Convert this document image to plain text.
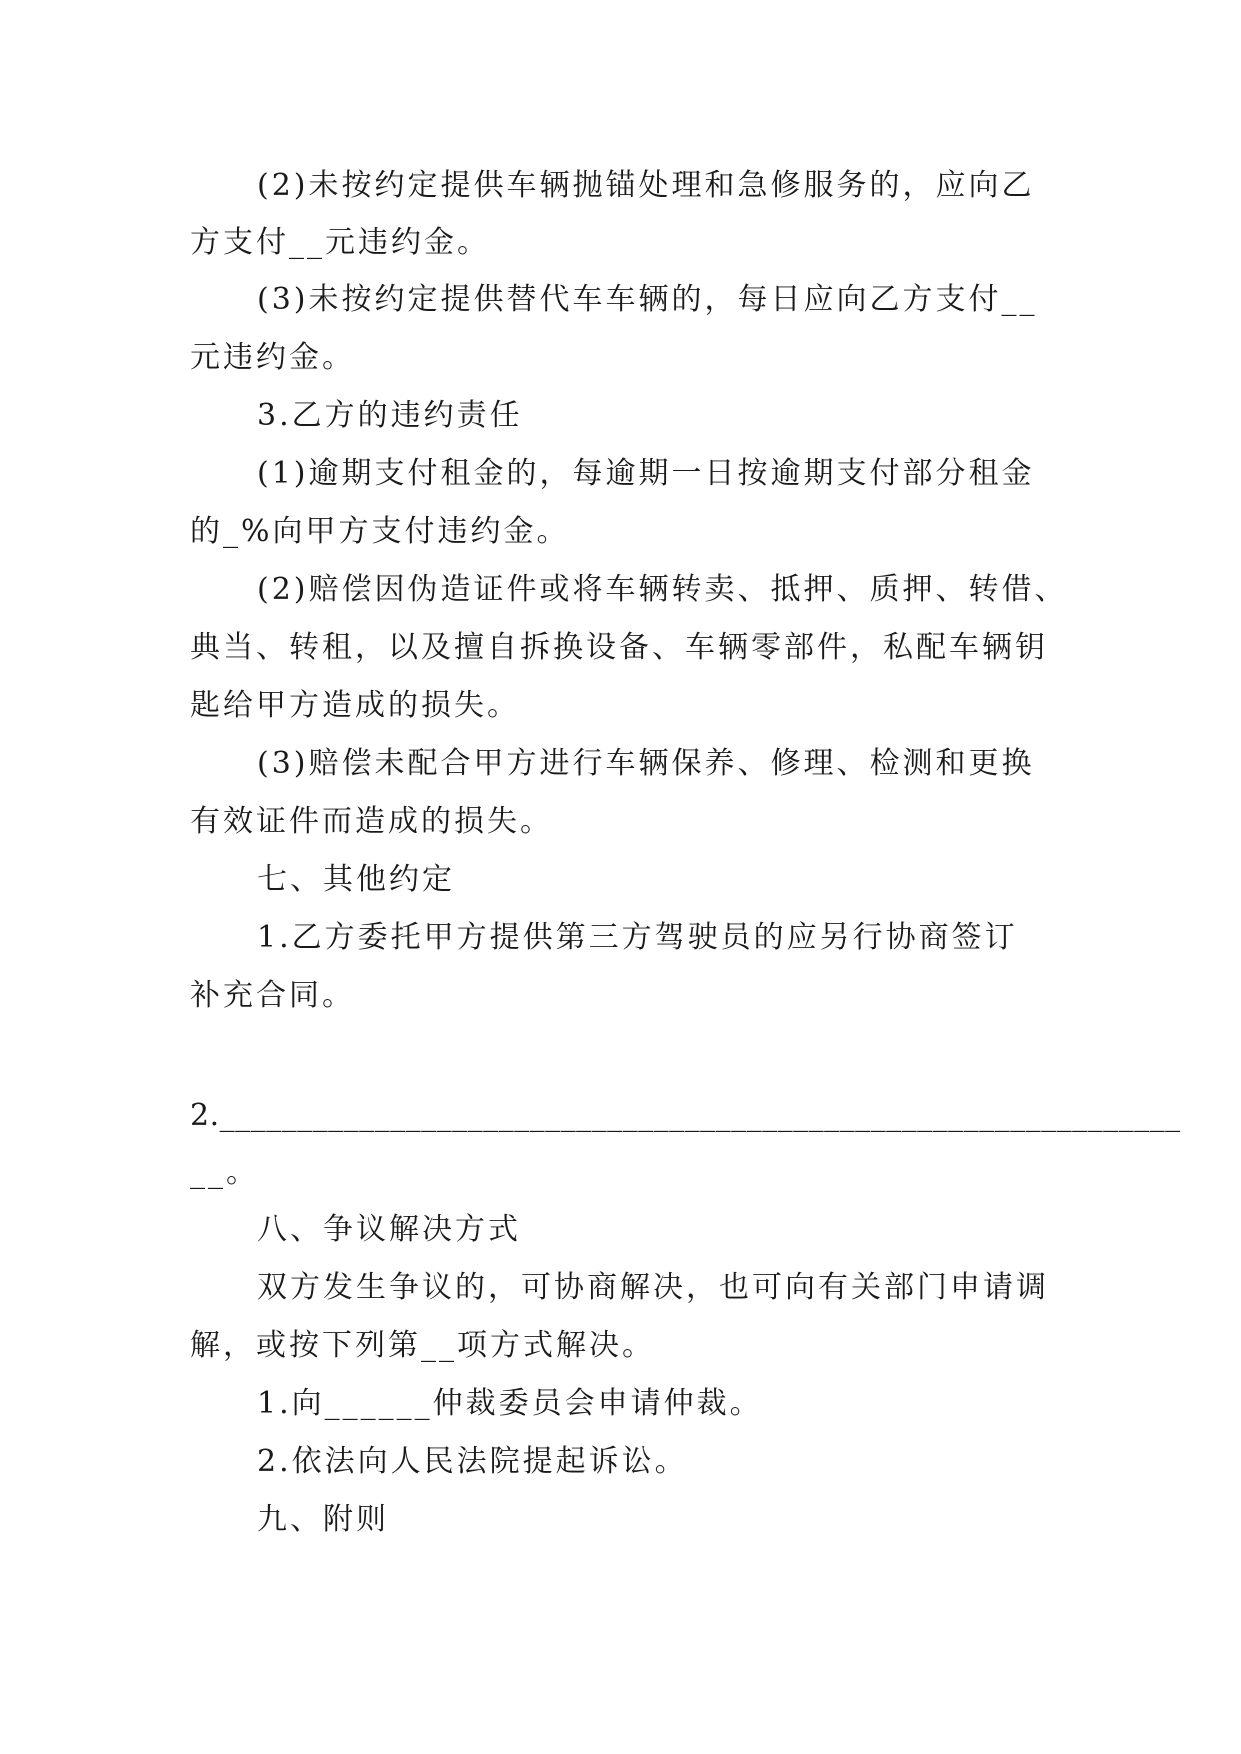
(2)未按约定提供车辆抛锚处理和急修服务的，应向乙
方支付__元违约金。
(3)未按约定提供替代车车辆的，每日应向乙方支付__
元违约金。
3.乙方的违约责任
(1)逾期支付租金的，每逾期一日按逾期支付部分租金
的_%向甲方支付违约金。
(2)赔偿因伪造证件或将车辆转卖、抵押、质押、转借、
典当、转租，以及擅自拆换设备、车辆零部件，私配车辆钥
匙给甲方造成的损失。
(3)赔偿未配合甲方进行车辆保养、修理、检测和更换
有效证件而造成的损失。
七、其他约定
1.乙方委托甲方提供第三方驾驶员的应另行协商签订
补充合同。
2.______________________________________________________________
__。
八、争议解决方式
双方发生争议的，可协商解决，也可向有关部门申请调
解，或按下列第__项方式解决。
1.向______仲裁委员会申请仲裁。
2.依法向人民法院提起诉讼。
九、附则
